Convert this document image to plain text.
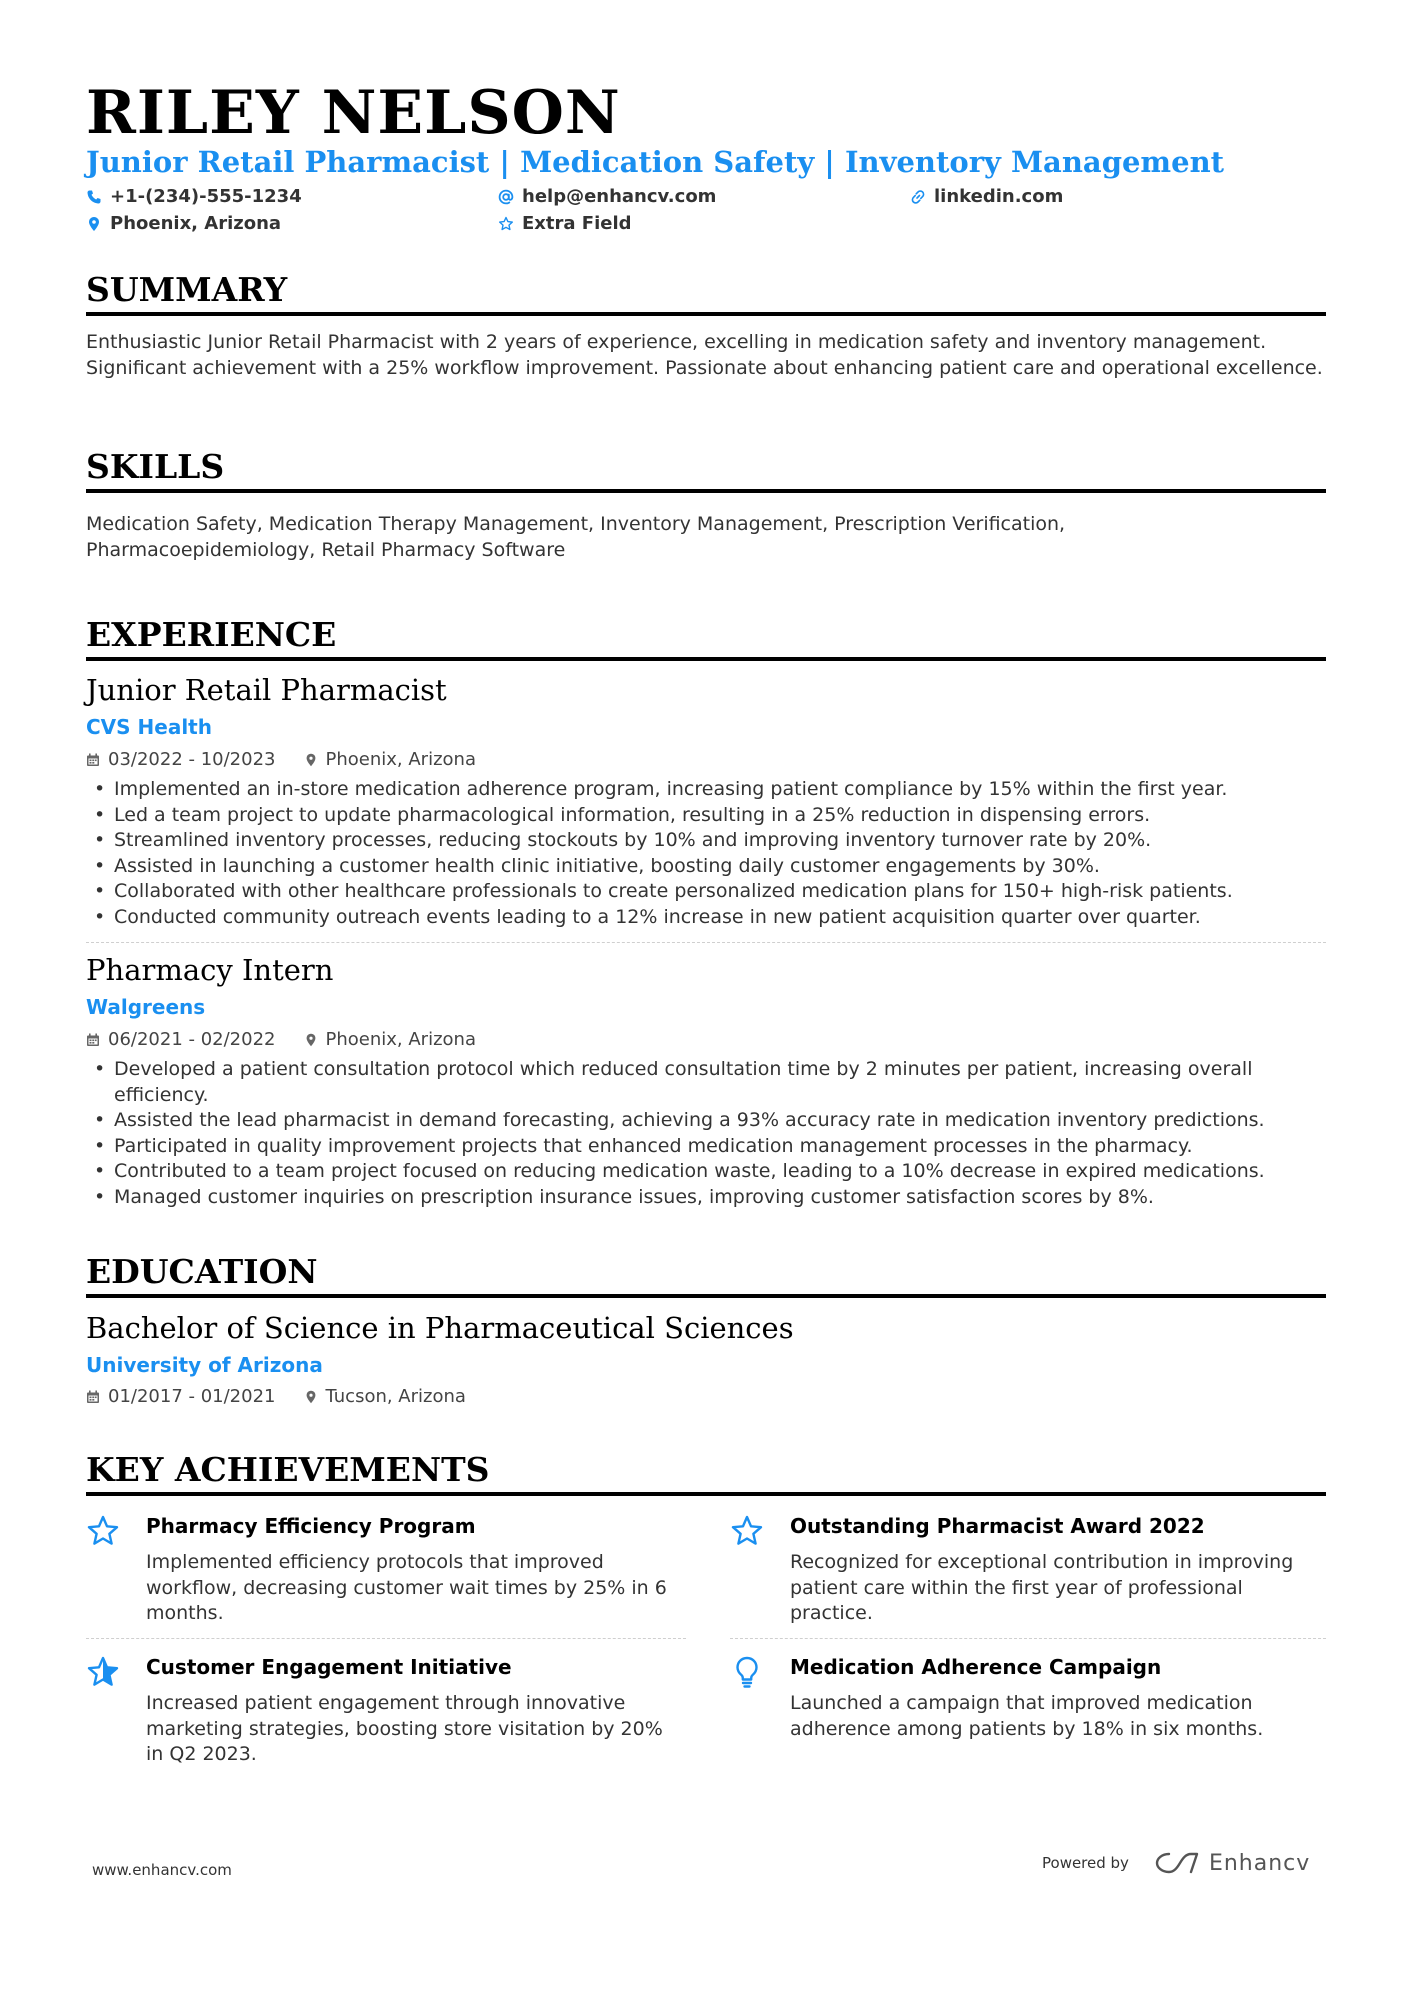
RILEY NELSON
Junior Retail Pharmacist | Medication Safety | Inventory Management
+1-(234)-555-1234	help@enhancv.com	linkedin.com
Phoenix, Arizona	Extra Field
SUMMARY
Enthusiastic Junior Retail Pharmacist with 2 years of experience, excelling in medication safety and inventory management. Significant achievement with a 25% workflow improvement. Passionate about enhancing patient care and operational excellence.
SKILLS
Medication Safety, Medication Therapy Management, Inventory Management, Prescription Verification, Pharmacoepidemiology, Retail Pharmacy Software
EXPERIENCE
Junior Retail Pharmacist
CVS Health
03/2022 - 10/2023	Phoenix, Arizona
• Implemented an in-store medication adherence program, increasing patient compliance by 15% within the first year.
• Led a team project to update pharmacological information, resulting in a 25% reduction in dispensing errors.
• Streamlined inventory processes, reducing stockouts by 10% and improving inventory turnover rate by 20%.
• Assisted in launching a customer health clinic initiative, boosting daily customer engagements by 30%.
• Collaborated with other healthcare professionals to create personalized medication plans for 150+ high-risk patients.
• Conducted community outreach events leading to a 12% increase in new patient acquisition quarter over quarter.
Pharmacy Intern
Walgreens
06/2021 - 02/2022	Phoenix, Arizona
• Developed a patient consultation protocol which reduced consultation time by 2 minutes per patient, increasing overall efficiency.
• Assisted the lead pharmacist in demand forecasting, achieving a 93% accuracy rate in medication inventory predictions.
• Participated in quality improvement projects that enhanced medication management processes in the pharmacy.
• Contributed to a team project focused on reducing medication waste, leading to a 10% decrease in expired medications.
• Managed customer inquiries on prescription insurance issues, improving customer satisfaction scores by 8%.
EDUCATION
Bachelor of Science in Pharmaceutical Sciences
University of Arizona
01/2017 - 01/2021	Tucson, Arizona
KEY ACHIEVEMENTS
Pharmacy Efficiency Program
Implemented efficiency protocols that improved workflow, decreasing customer wait times by 25% in 6 months.
Outstanding Pharmacist Award 2022
Recognized for exceptional contribution in improving patient care within the first year of professional practice.
Customer Engagement Initiative
Increased patient engagement through innovative marketing strategies, boosting store visitation by 20% in Q2 2023.
Medication Adherence Campaign
Launched a campaign that improved medication adherence among patients by 18% in six months.
www.enhancv.com	Powered by	Enhancv
